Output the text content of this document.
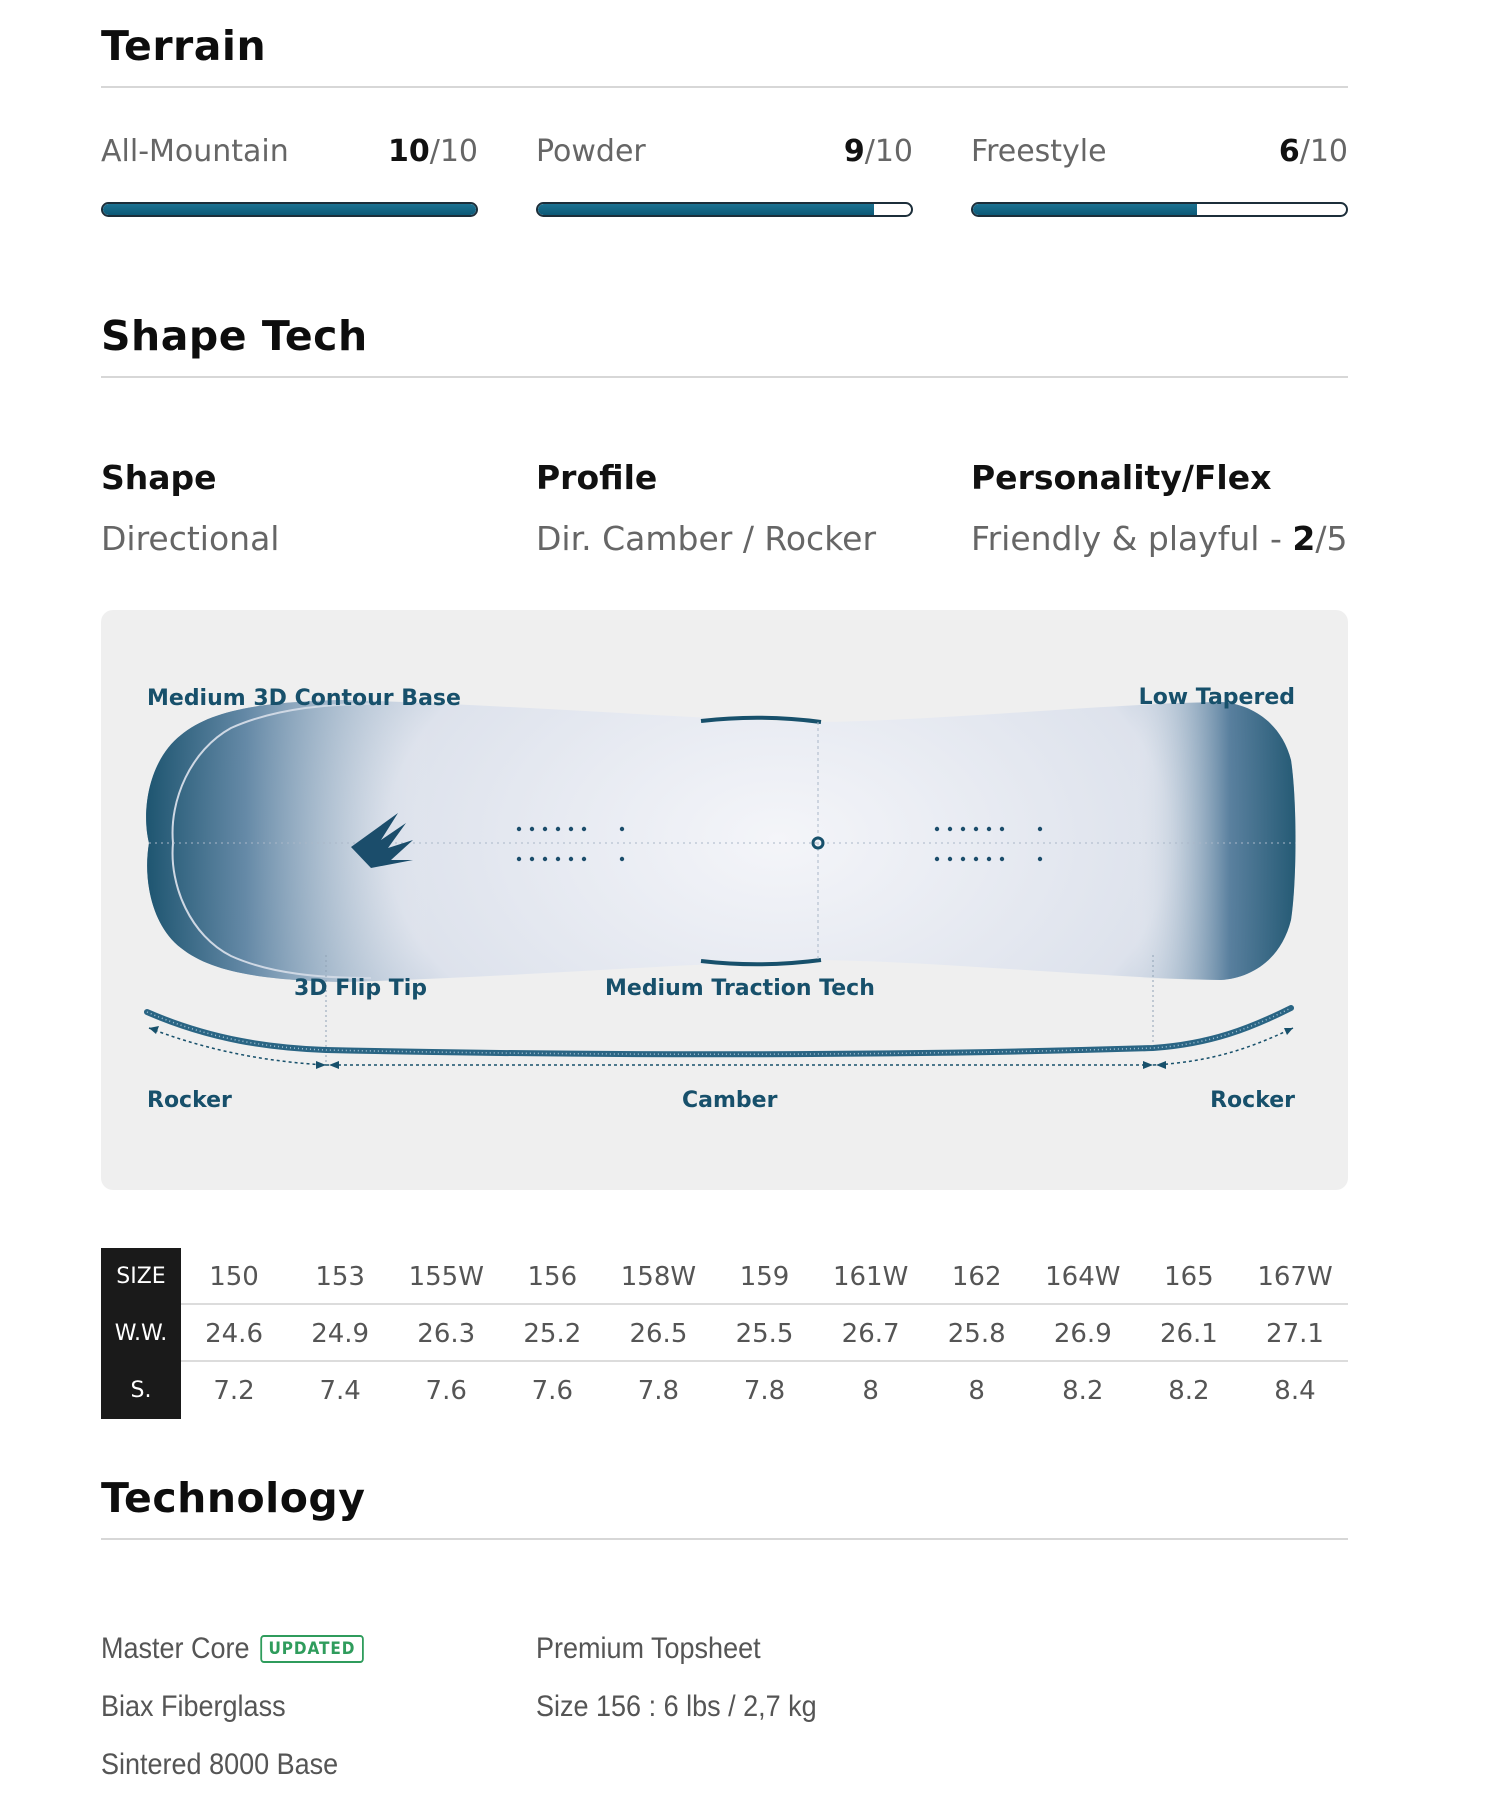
Terrain
All-Mountain	10/10 Powder	9/10 Freestyle	6/10
Shape Tech
Shape
Directional
Profile
Dir. Camber / Rocker
Personality/Flex
Friendly & playful - 2/5
Medium 3D Contour Base	Low Tapered
3D Flip Tip	Medium Traction Tech
Rocker	Camber	Rocker
SIZE	150	153	155W	156	158W	159	161W	162	164W	165	167W
W.W.	24.6	24.9	26.3	25.2	26.5	25.5	26.7	25.8	26.9	26.1	27.1
S.	7.2	7.4	7.6	7.6	7.8	7.8	8	8	8.2	8.2	8.4
Technology
Master Core	UPDATED
Biax Fiberglass
Sintered 8000 Base
Premium Topsheet
Size 156 : 6 lbs / 2,7 kg
